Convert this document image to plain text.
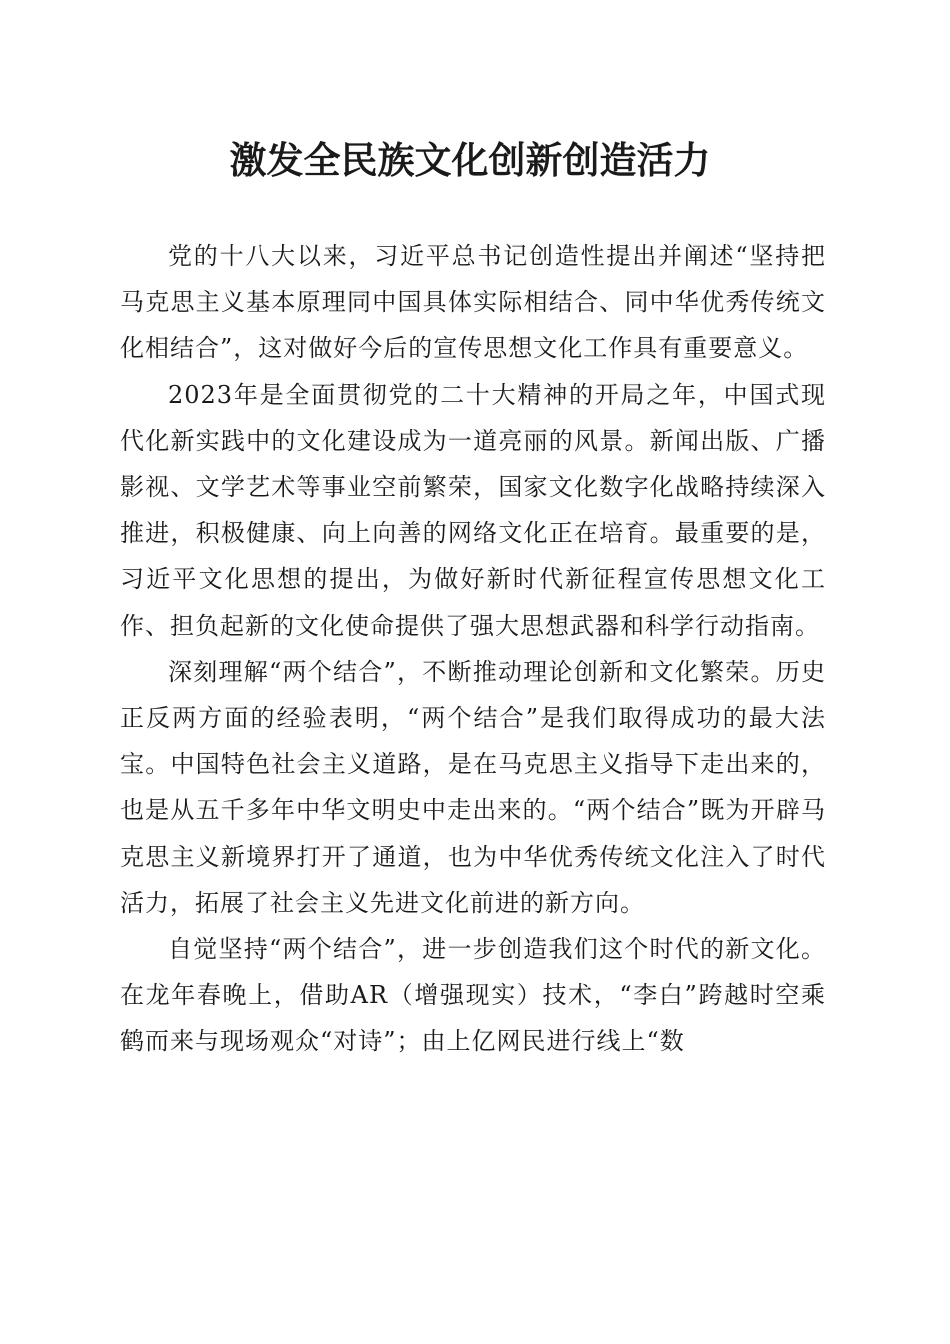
激发全民族文化创新创造活力

党的十八大以来，习近平总书记创造性提出并阐述“坚持把马克思主义基本原理同中国具体实际相结合、同中华优秀传统文化相结合”，这对做好今后的宣传思想文化工作具有重要意义。

2023年是全面贯彻党的二十大精神的开局之年，中国式现代化新实践中的文化建设成为一道亮丽的风景。新闻出版、广播影视、文学艺术等事业空前繁荣，国家文化数字化战略持续深入推进，积极健康、向上向善的网络文化正在培育。最重要的是，习近平文化思想的提出，为做好新时代新征程宣传思想文化工作、担负起新的文化使命提供了强大思想武器和科学行动指南。

深刻理解“两个结合”，不断推动理论创新和文化繁荣。历史正反两方面的经验表明，“两个结合”是我们取得成功的最大法宝。中国特色社会主义道路，是在马克思主义指导下走出来的，也是从五千多年中华文明史中走出来的。“两个结合”既为开辟马克思主义新境界打开了通道，也为中华优秀传统文化注入了时代活力，拓展了社会主义先进文化前进的新方向。

自觉坚持“两个结合”，进一步创造我们这个时代的新文化。在龙年春晚上，借助AR（增强现实）技术，“李白”跨越时空乘鹤而来与现场观众“对诗”；由上亿网民进行线上“数
